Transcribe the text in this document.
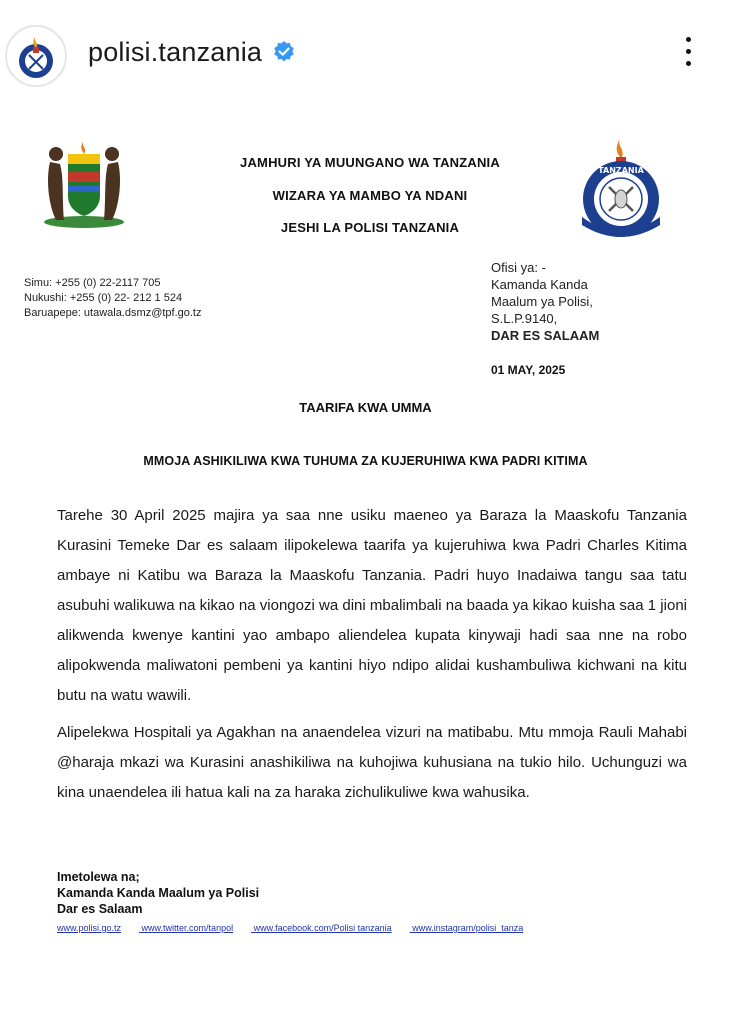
polisi.tanzania
JAMHURI YA MUUNGANO WA TANZANIA
WIZARA YA MAMBO YA NDANI
JESHI LA POLISI TANZANIA
TANZANIA
Simu: +255 (0) 22-2117 705
Nukushi: +255 (0) 22- 212 1 524
Baruapepe: utawala.dsmz@tpf.go.tz
Ofisi ya: -
Kamanda Kanda
Maalum ya Polisi,
S.L.P.9140,
DAR ES SALAAM
01 MAY, 2025
TAARIFA KWA UMMA
MMOJA ASHIKILIWA KWA TUHUMA ZA KUJERUHIWA KWA PADRI KITIMA
Tarehe 30 April 2025 majira ya saa nne usiku maeneo ya Baraza la Maaskofu Tanzania Kurasini Temeke Dar es salaam ilipokelewa taarifa ya kujeruhiwa kwa Padri Charles Kitima ambaye ni Katibu wa Baraza la Maaskofu Tanzania. Padri huyo Inadaiwa tangu saa tatu asubuhi walikuwa na kikao na viongozi wa dini mbalimbali na baada ya kikao kuisha saa 1 jioni alikwenda kwenye kantini yao ambapo aliendelea kupata kinywaji hadi saa nne na robo alipokwenda maliwatoni pembeni ya kantini hiyo ndipo alidai kushambuliwa kichwani na kitu butu na watu wawili.
Alipelekwa Hospitali ya Agakhan na anaendelea vizuri na matibabu. Mtu mmoja Rauli Mahabi @haraja mkazi wa Kurasini anashikiliwa na kuhojiwa kuhusiana na tukio hilo. Uchunguzi wa kina unaendelea ili hatua kali na za haraka zichulikuliwe kwa wahusika.
Imetolewa na;
Kamanda Kanda Maalum ya Polisi
Dar es Salaam
www.polisi.go.tz www.twitter.com/tanpol www.facebook.com/Polisi tanzania www.instagram/polisi_tanza
